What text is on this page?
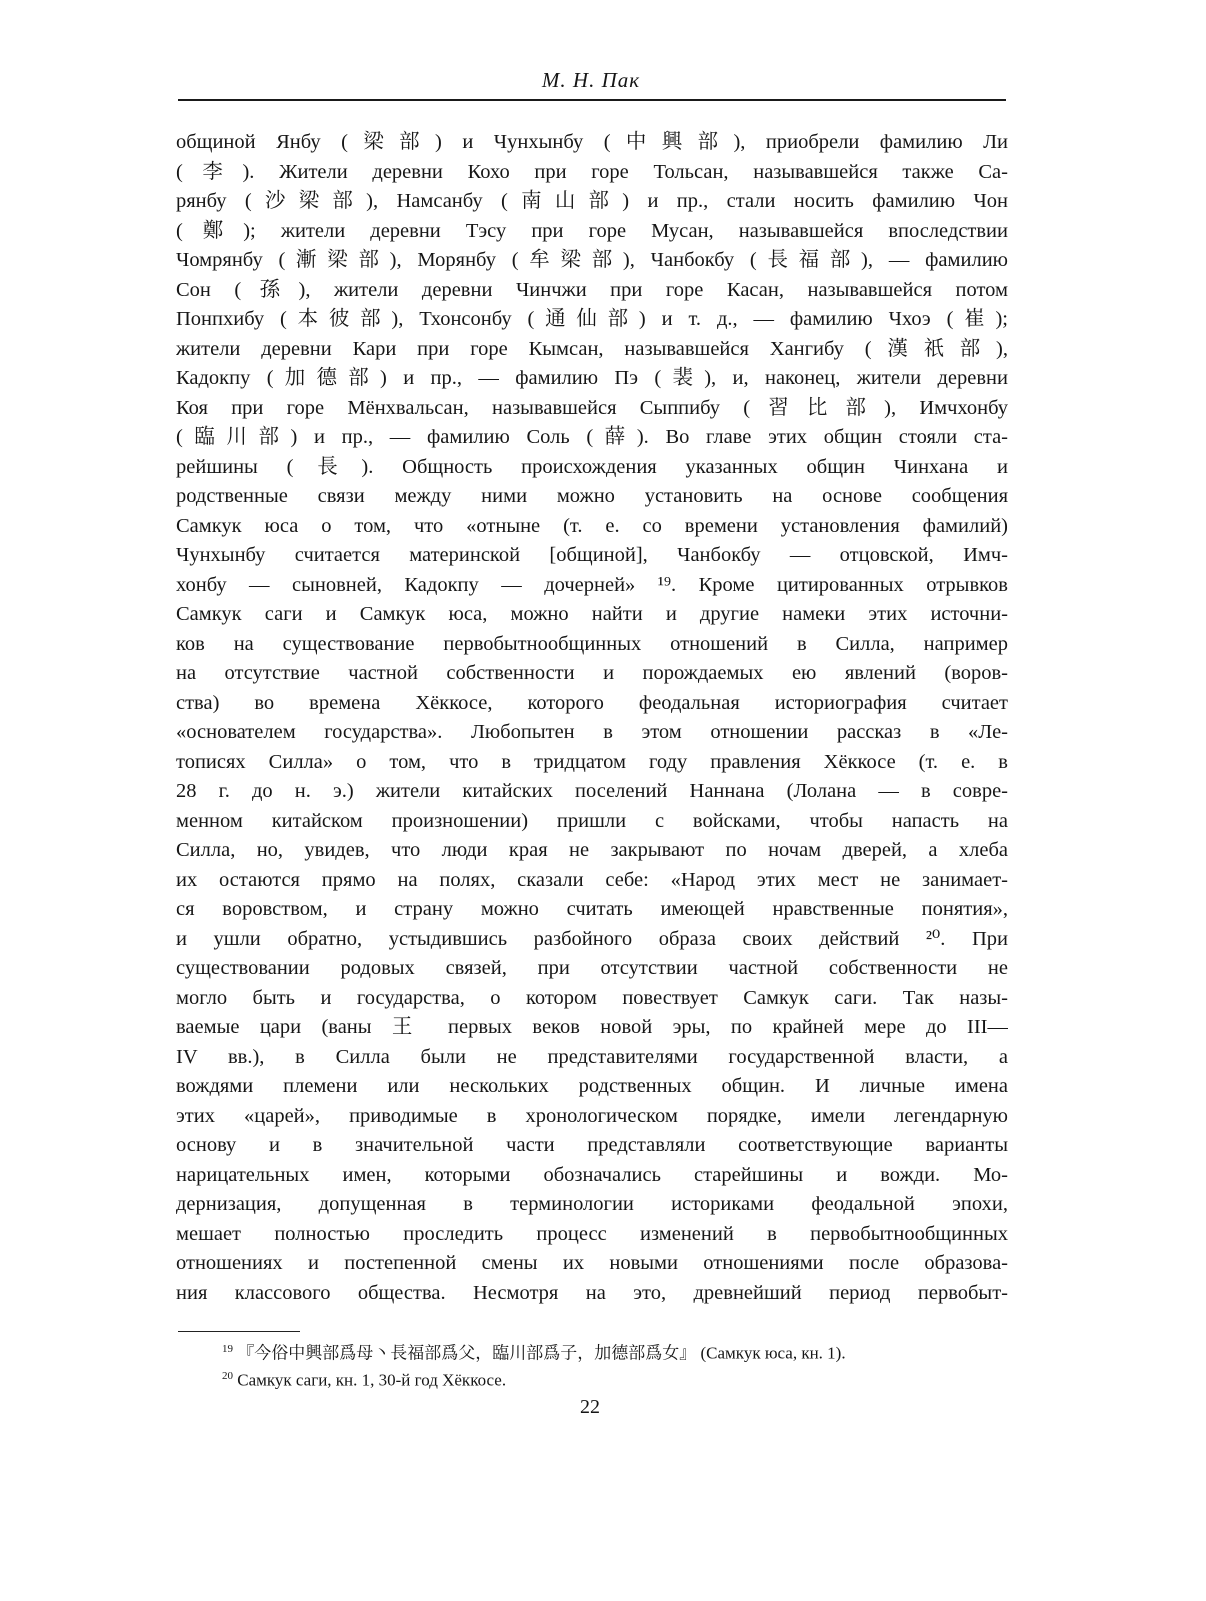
М. Н. Пак
общиной Янбу (梁部) и Чунхынбу (中興部), приобрели фамилию Ли
(李). Жители деревни Кохо при горе Тольсан, называвшейся также Са-
рянбу (沙梁部), Намсанбу (南山部) и пр., стали носить фамилию Чон
(鄭); жители деревни Тэсу при горе Мусан, называвшейся впоследствии
Чомрянбу (漸梁部), Морянбу (牟梁部), Чанбокбу (長福部), — фамилию
Сон (孫), жители деревни Чинчжи при горе Касан, называвшейся потом
Понпхибу (本彼部), Тхонсонбу (通仙部) и т. д., — фамилию Чхоэ (崔);
жители деревни Кари при горе Кымсан, называвшейся Хангибу (漢祇部),
Кадокпу (加德部) и пр., — фамилию Пэ (裴), и, наконец, жители деревни
Коя при горе Мёнхвальсан, называвшейся Сыппибу (習比部), Имчхонбу
(臨川部) и пр., — фамилию Соль (薛). Во главе этих общин стояли ста-
рейшины (長). Общность происхождения указанных общин Чинхана и
родственные связи между ними можно установить на основе сообщения
Самкук юса о том, что «отныне (т. е. со времени установления фамилий)
Чунхынбу считается материнской [общиной], Чанбокбу — отцовской, Имч-
хонбу — сыновней, Кадокпу — дочерней» ¹⁹. Кроме цитированных отрывков
Самкук саги и Самкук юса, можно найти и другие намеки этих источни-
ков на существование первобытнообщинных отношений в Силла, например
на отсутствие частной собственности и порождаемых ею явлений (воров-
ства) во времена Хёккосе, которого феодальная историография считает
«основателем государства». Любопытен в этом отношении рассказ в «Ле-
тописях Силла» о том, что в тридцатом году правления Хёккосе (т. е. в
28 г. до н. э.) жители китайских поселений Наннана (Лолана — в совре-
менном китайском произношении) пришли с войсками, чтобы напасть на
Силла, но, увидев, что люди края не закрывают по ночам дверей, а хлеба
их остаются прямо на полях, сказали себе: «Народ этих мест не занимает-
ся воровством, и страну можно считать имеющей нравственные понятия»,
и ушли обратно, устыдившись разбойного образа своих действий ²⁰. При
существовании родовых связей, при отсутствии частной собственности не
могло быть и государства, о котором повествует Самкук саги. Так назы-
ваемые цари (ваны 王 первых веков новой эры, по крайней мере до III—
IV вв.), в Силла были не представителями государственной власти, а
вождями племени или нескольких родственных общин. И личные имена
этих «царей», приводимые в хронологическом порядке, имели легендарную
основу и в значительной части представляли соответствующие варианты
нарицательных имен, которыми обозначались старейшины и вожди. Мо-
дернизация, допущенная в терминологии историками феодальной эпохи,
мешает полностью проследить процесс изменений в первобытнообщинных
отношениях и постепенной смены их новыми отношениями после образова-
ния классового общества. Несмотря на это, древнейший период первобыт-
$^{19}$ 『今俗中興部爲母丶長福部爲父，臨川部爲子，加德部爲女』 (Самкук юса, кн. 1).
$^{20}$ Самкук саги, кн. 1, 30-й год Хёккосе.
22
